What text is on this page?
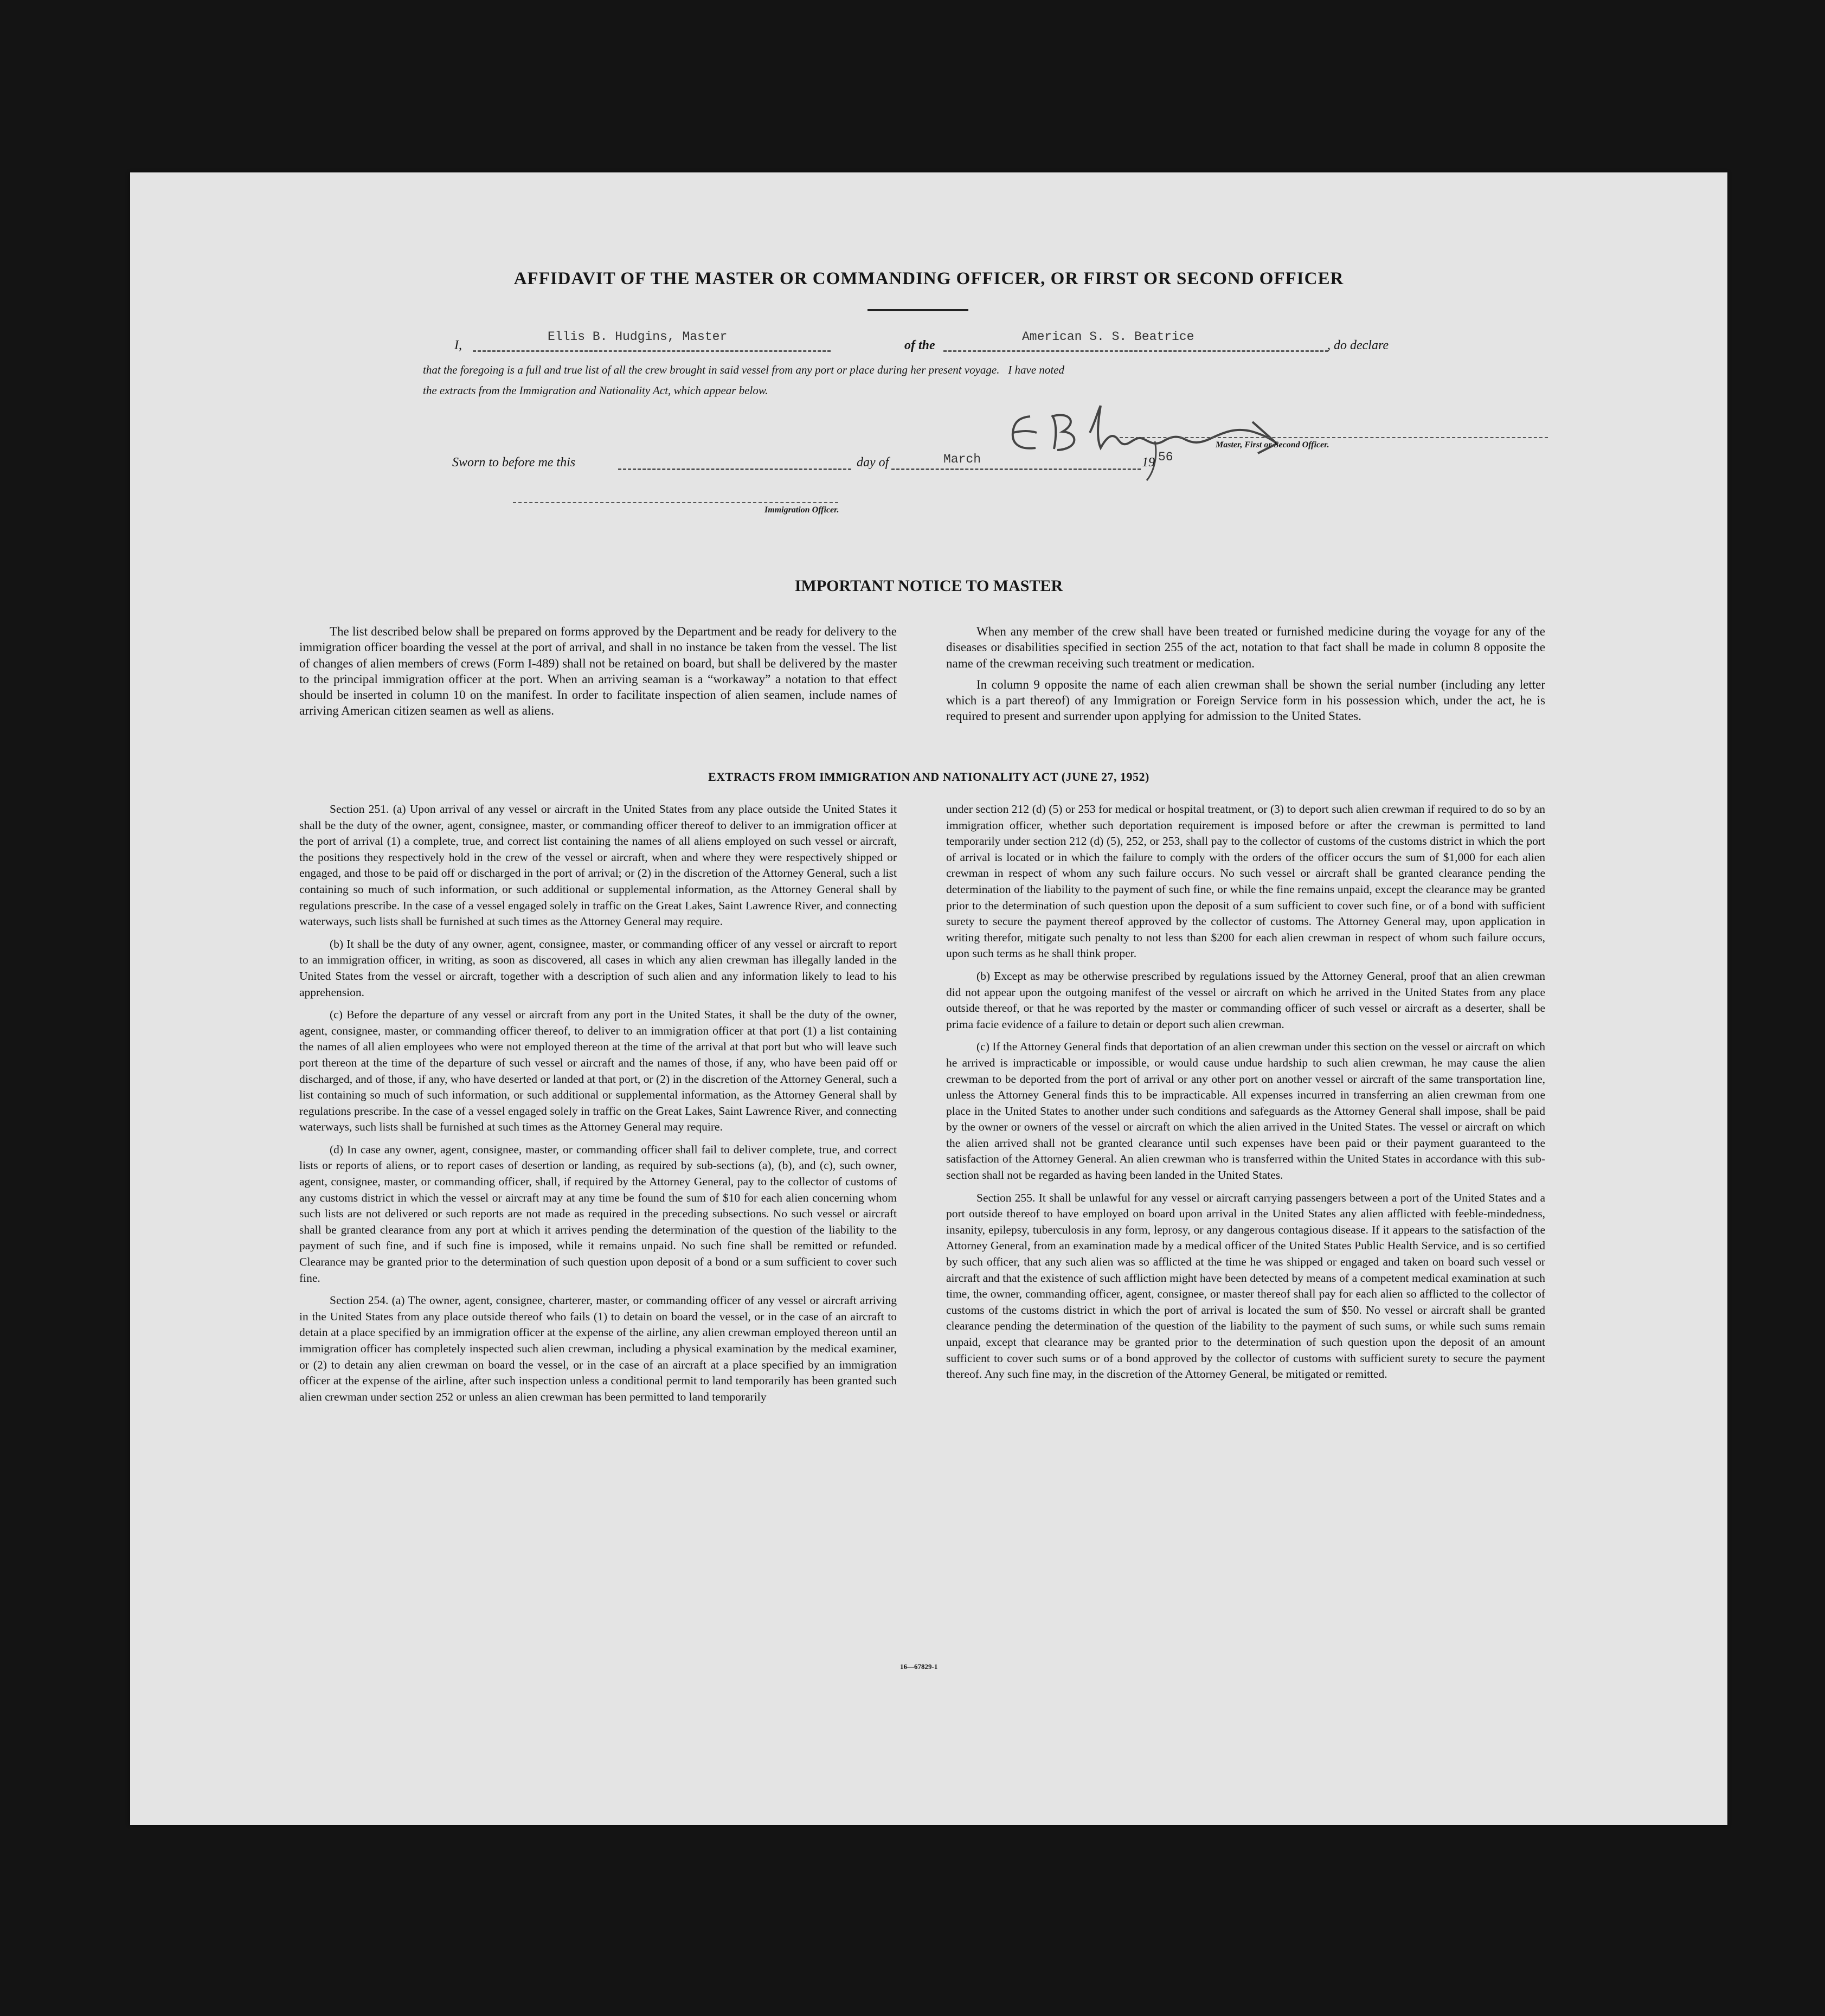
AFFIDAVIT OF THE MASTER OR COMMANDING OFFICER, OR FIRST OR SECOND OFFICER
I,
Ellis B. Hudgins, Master
of the
American S. S. Beatrice
, do declare
that the foregoing is a full and true list of all the crew brought in said vessel from any port or place during her present voyage.   I have noted
the extracts from the Immigration and Nationality Act, which appear below.
Master, First or Second Officer.
Sworn to before me this	day of	March	19 56
Immigration Officer.
IMPORTANT NOTICE TO MASTER

The list described below shall be prepared on forms approved by the Department and be ready for delivery to the immigration officer boarding the vessel at the port of arrival, and shall in no instance be taken from the vessel. The list of changes of alien members of crews (Form I-489) shall not be retained on board, but shall be delivered by the master to the principal immigration officer at the port. When an arriving seaman is a “workaway” a notation to that effect should be inserted in column 10 on the manifest. In order to facilitate inspection of alien seamen, include names of arriving American citizen seamen as well as aliens.

When any member of the crew shall have been treated or furnished medicine during the voyage for any of the diseases or disabilities specified in section 255 of the act, notation to that fact shall be made in column 8 opposite the name of the crewman receiving such treatment or medication.

In column 9 opposite the name of each alien crewman shall be shown the serial number (including any letter which is a part thereof) of any Immigration or Foreign Service form in his possession which, under the act, he is required to present and surrender upon applying for admission to the United States.

EXTRACTS FROM IMMIGRATION AND NATIONALITY ACT (JUNE 27, 1952)

Section 251. (a) Upon arrival of any vessel or aircraft in the United States from any place outside the United States it shall be the duty of the owner, agent, consignee, master, or commanding officer thereof to deliver to an immigration officer at the port of arrival (1) a complete, true, and correct list containing the names of all aliens employed on such vessel or aircraft, the positions they respectively hold in the crew of the vessel or aircraft, when and where they were respectively shipped or engaged, and those to be paid off or discharged in the port of arrival; or (2) in the discretion of the Attorney General, such a list containing so much of such information, or such additional or supplemental information, as the Attorney General shall by regulations prescribe. In the case of a vessel engaged solely in traffic on the Great Lakes, Saint Lawrence River, and connecting waterways, such lists shall be furnished at such times as the Attorney General may require.

(b) It shall be the duty of any owner, agent, consignee, master, or commanding officer of any vessel or aircraft to report to an immigration officer, in writing, as soon as discovered, all cases in which any alien crewman has illegally landed in the United States from the vessel or aircraft, together with a description of such alien and any information likely to lead to his apprehension.

(c) Before the departure of any vessel or aircraft from any port in the United States, it shall be the duty of the owner, agent, consignee, master, or commanding officer thereof, to deliver to an immigration officer at that port (1) a list containing the names of all alien employees who were not employed thereon at the time of the arrival at that port but who will leave such port thereon at the time of the departure of such vessel or aircraft and the names of those, if any, who have been paid off or discharged, and of those, if any, who have deserted or landed at that port, or (2) in the discretion of the Attorney General, such a list containing so much of such information, or such additional or supplemental information, as the Attorney General shall by regulations prescribe. In the case of a vessel engaged solely in traffic on the Great Lakes, Saint Lawrence River, and connecting waterways, such lists shall be furnished at such times as the Attorney General may require.

(d) In case any owner, agent, consignee, master, or commanding officer shall fail to deliver complete, true, and correct lists or reports of aliens, or to report cases of desertion or landing, as required by sub-sections (a), (b), and (c), such owner, agent, consignee, master, or commanding officer, shall, if required by the Attorney General, pay to the collector of customs of any customs district in which the vessel or aircraft may at any time be found the sum of $10 for each alien concerning whom such lists are not delivered or such reports are not made as required in the preceding subsections. No such vessel or aircraft shall be granted clearance from any port at which it arrives pending the determination of the question of the liability to the payment of such fine, and if such fine is imposed, while it remains unpaid. No such fine shall be remitted or refunded. Clearance may be granted prior to the determination of such question upon deposit of a bond or a sum sufficient to cover such fine.

Section 254. (a) The owner, agent, consignee, charterer, master, or commanding officer of any vessel or aircraft arriving in the United States from any place outside thereof who fails (1) to detain on board the vessel, or in the case of an aircraft to detain at a place specified by an immigration officer at the expense of the airline, any alien crewman employed thereon until an immigration officer has completely inspected such alien crewman, including a physical examination by the medical examiner, or (2) to detain any alien crewman on board the vessel, or in the case of an aircraft at a place specified by an immigration officer at the expense of the airline, after such inspection unless a conditional permit to land temporarily has been granted such alien crewman under section 252 or unless an alien crewman has been permitted to land temporarily

under section 212 (d) (5) or 253 for medical or hospital treatment, or (3) to deport such alien crewman if required to do so by an immigration officer, whether such deportation requirement is imposed before or after the crewman is permitted to land temporarily under section 212 (d) (5), 252, or 253, shall pay to the collector of customs of the customs district in which the port of arrival is located or in which the failure to comply with the orders of the officer occurs the sum of $1,000 for each alien crewman in respect of whom any such failure occurs. No such vessel or aircraft shall be granted clearance pending the determination of the liability to the payment of such fine, or while the fine remains unpaid, except the clearance may be granted prior to the determination of such question upon the deposit of a sum sufficient to cover such fine, or of a bond with sufficient surety to secure the payment thereof approved by the collector of customs. The Attorney General may, upon application in writing therefor, mitigate such penalty to not less than $200 for each alien crewman in respect of whom such failure occurs, upon such terms as he shall think proper.

(b) Except as may be otherwise prescribed by regulations issued by the Attorney General, proof that an alien crewman did not appear upon the outgoing manifest of the vessel or aircraft on which he arrived in the United States from any place outside thereof, or that he was reported by the master or commanding officer of such vessel or aircraft as a deserter, shall be prima facie evidence of a failure to detain or deport such alien crewman.

(c) If the Attorney General finds that deportation of an alien crewman under this section on the vessel or aircraft on which he arrived is impracticable or impossible, or would cause undue hardship to such alien crewman, he may cause the alien crewman to be deported from the port of arrival or any other port on another vessel or aircraft of the same transportation line, unless the Attorney General finds this to be impracticable. All expenses incurred in transferring an alien crewman from one place in the United States to another under such conditions and safeguards as the Attorney General shall impose, shall be paid by the owner or owners of the vessel or aircraft on which the alien arrived in the United States. The vessel or aircraft on which the alien arrived shall not be granted clearance until such expenses have been paid or their payment guaranteed to the satisfaction of the Attorney General. An alien crewman who is transferred within the United States in accordance with this sub-section shall not be regarded as having been landed in the United States.

Section 255. It shall be unlawful for any vessel or aircraft carrying passengers between a port of the United States and a port outside thereof to have employed on board upon arrival in the United States any alien afflicted with feeble-mindedness, insanity, epilepsy, tuberculosis in any form, leprosy, or any dangerous contagious disease. If it appears to the satisfaction of the Attorney General, from an examination made by a medical officer of the United States Public Health Service, and is so certified by such officer, that any such alien was so afflicted at the time he was shipped or engaged and taken on board such vessel or aircraft and that the existence of such affliction might have been detected by means of a competent medical examination at such time, the owner, commanding officer, agent, consignee, or master thereof shall pay for each alien so afflicted to the collector of customs of the customs district in which the port of arrival is located the sum of $50. No vessel or aircraft shall be granted clearance pending the determination of the question of the liability to the payment of such sums, or while such sums remain unpaid, except that clearance may be granted prior to the determination of such question upon the deposit of an amount sufficient to cover such sums or of a bond approved by the collector of customs with sufficient surety to secure the payment thereof. Any such fine may, in the discretion of the Attorney General, be mitigated or remitted.

16—67829-1
